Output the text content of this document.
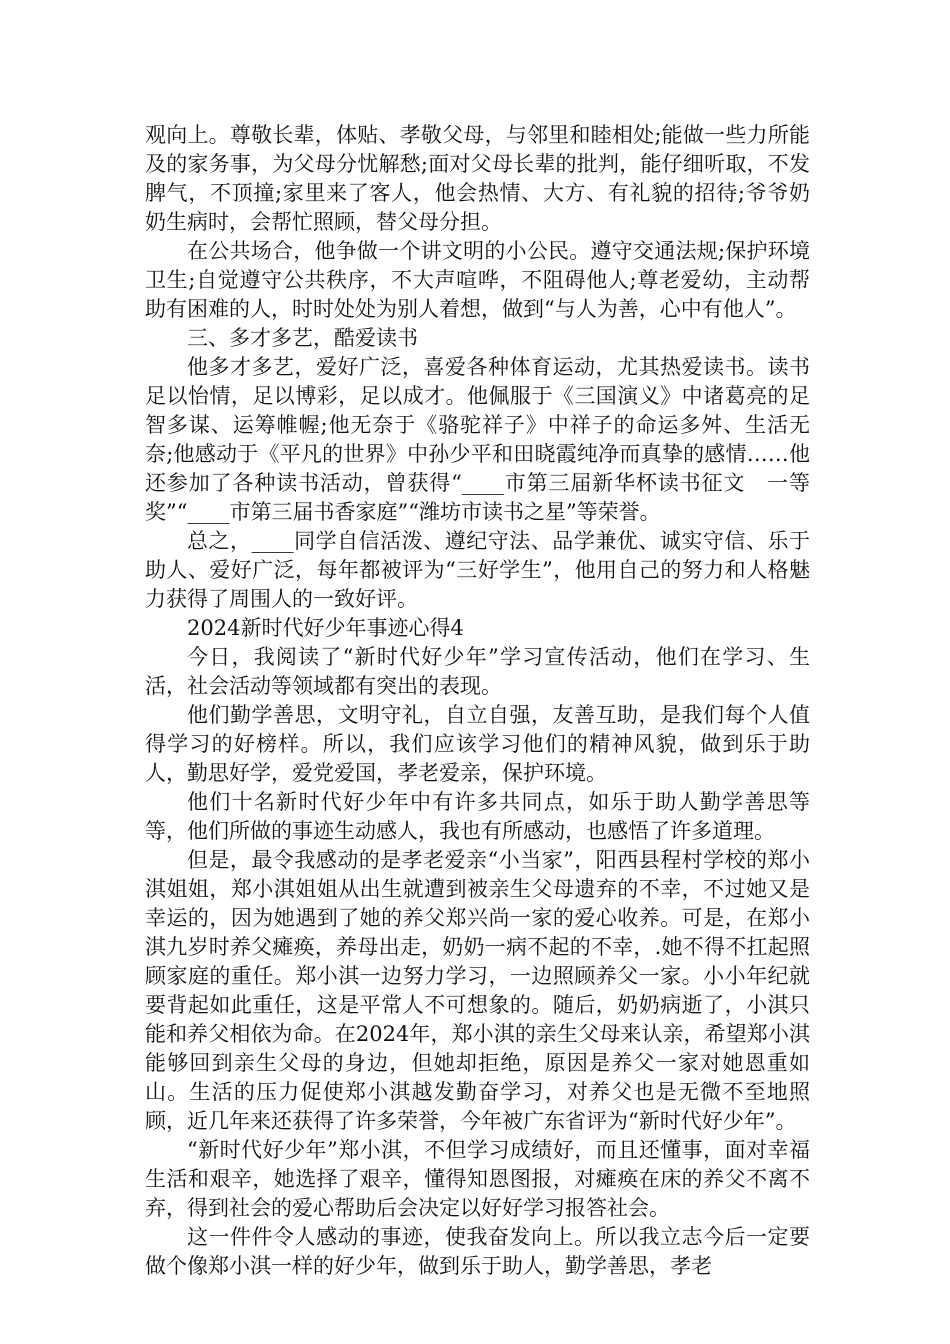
观向上。尊敬长辈，体贴、孝敬父母，与邻里和睦相处;能做一些力所能及的家务事，为父母分忧解愁;面对父母长辈的批判，能仔细听取，不发脾气，不顶撞;家里来了客人，他会热情、大方、有礼貌的招待;爷爷奶奶生病时，会帮忙照顾，替父母分担。

在公共场合，他争做一个讲文明的小公民。遵守交通法规;保护环境卫生;自觉遵守公共秩序，不大声喧哗，不阻碍他人;尊老爱幼，主动帮助有困难的人，时时处处为别人着想，做到“与人为善，心中有他人”。

三、多才多艺，酷爱读书

他多才多艺，爱好广泛，喜爱各种体育运动，尤其热爱读书。读书足以怡情，足以博彩，足以成才。他佩服于《三国演义》中诸葛亮的足智多谋、运筹帷幄;他无奈于《骆驼祥子》中祥子的命运多舛、生活无奈;他感动于《平凡的世界》中孙少平和田晓霞纯净而真挚的感情……他还参加了各种读书活动，曾获得“____市第三届新华杯读书征文　一等奖”“____市第三届书香家庭”“潍坊市读书之星”等荣誉。

总之，____同学自信活泼、遵纪守法、品学兼优、诚实守信、乐于助人、爱好广泛，每年都被评为“三好学生”，他用自己的努力和人格魅力获得了周围人的一致好评。

2024新时代好少年事迹心得4

今日，我阅读了“新时代好少年”学习宣传活动，他们在学习、生活，社会活动等领域都有突出的表现。

他们勤学善思，文明守礼，自立自强，友善互助，是我们每个人值得学习的好榜样。所以，我们应该学习他们的精神风貌，做到乐于助人，勤思好学，爱党爱国，孝老爱亲，保护环境。

他们十名新时代好少年中有许多共同点，如乐于助人勤学善思等等，他们所做的事迹生动感人，我也有所感动，也感悟了许多道理。

但是，最令我感动的是孝老爱亲“小当家”，阳西县程村学校的郑小淇姐姐，郑小淇姐姐从出生就遭到被亲生父母遗弃的不幸，不过她又是幸运的，因为她遇到了她的养父郑兴尚一家的爱心收养。可是，在郑小淇九岁时养父瘫痪，养母出走，奶奶一病不起的不幸，.她不得不扛起照顾家庭的重任。郑小淇一边努力学习，一边照顾养父一家。小小年纪就要背起如此重任，这是平常人不可想象的。随后，奶奶病逝了，小淇只能和养父相依为命。在2024年，郑小淇的亲生父母来认亲，希望郑小淇能够回到亲生父母的身边，但她却拒绝，原因是养父一家对她恩重如山。生活的压力促使郑小淇越发勤奋学习，对养父也是无微不至地照顾，近几年来还获得了许多荣誉，今年被广东省评为“新时代好少年”。

“新时代好少年”郑小淇，不但学习成绩好，而且还懂事，面对幸福生活和艰辛，她选择了艰辛，懂得知恩图报，对瘫痪在床的养父不离不弃，得到社会的爱心帮助后会决定以好好学习报答社会。

这一件件令人感动的事迹，使我奋发向上。所以我立志今后一定要做个像郑小淇一样的好少年，做到乐于助人，勤学善思，孝老
